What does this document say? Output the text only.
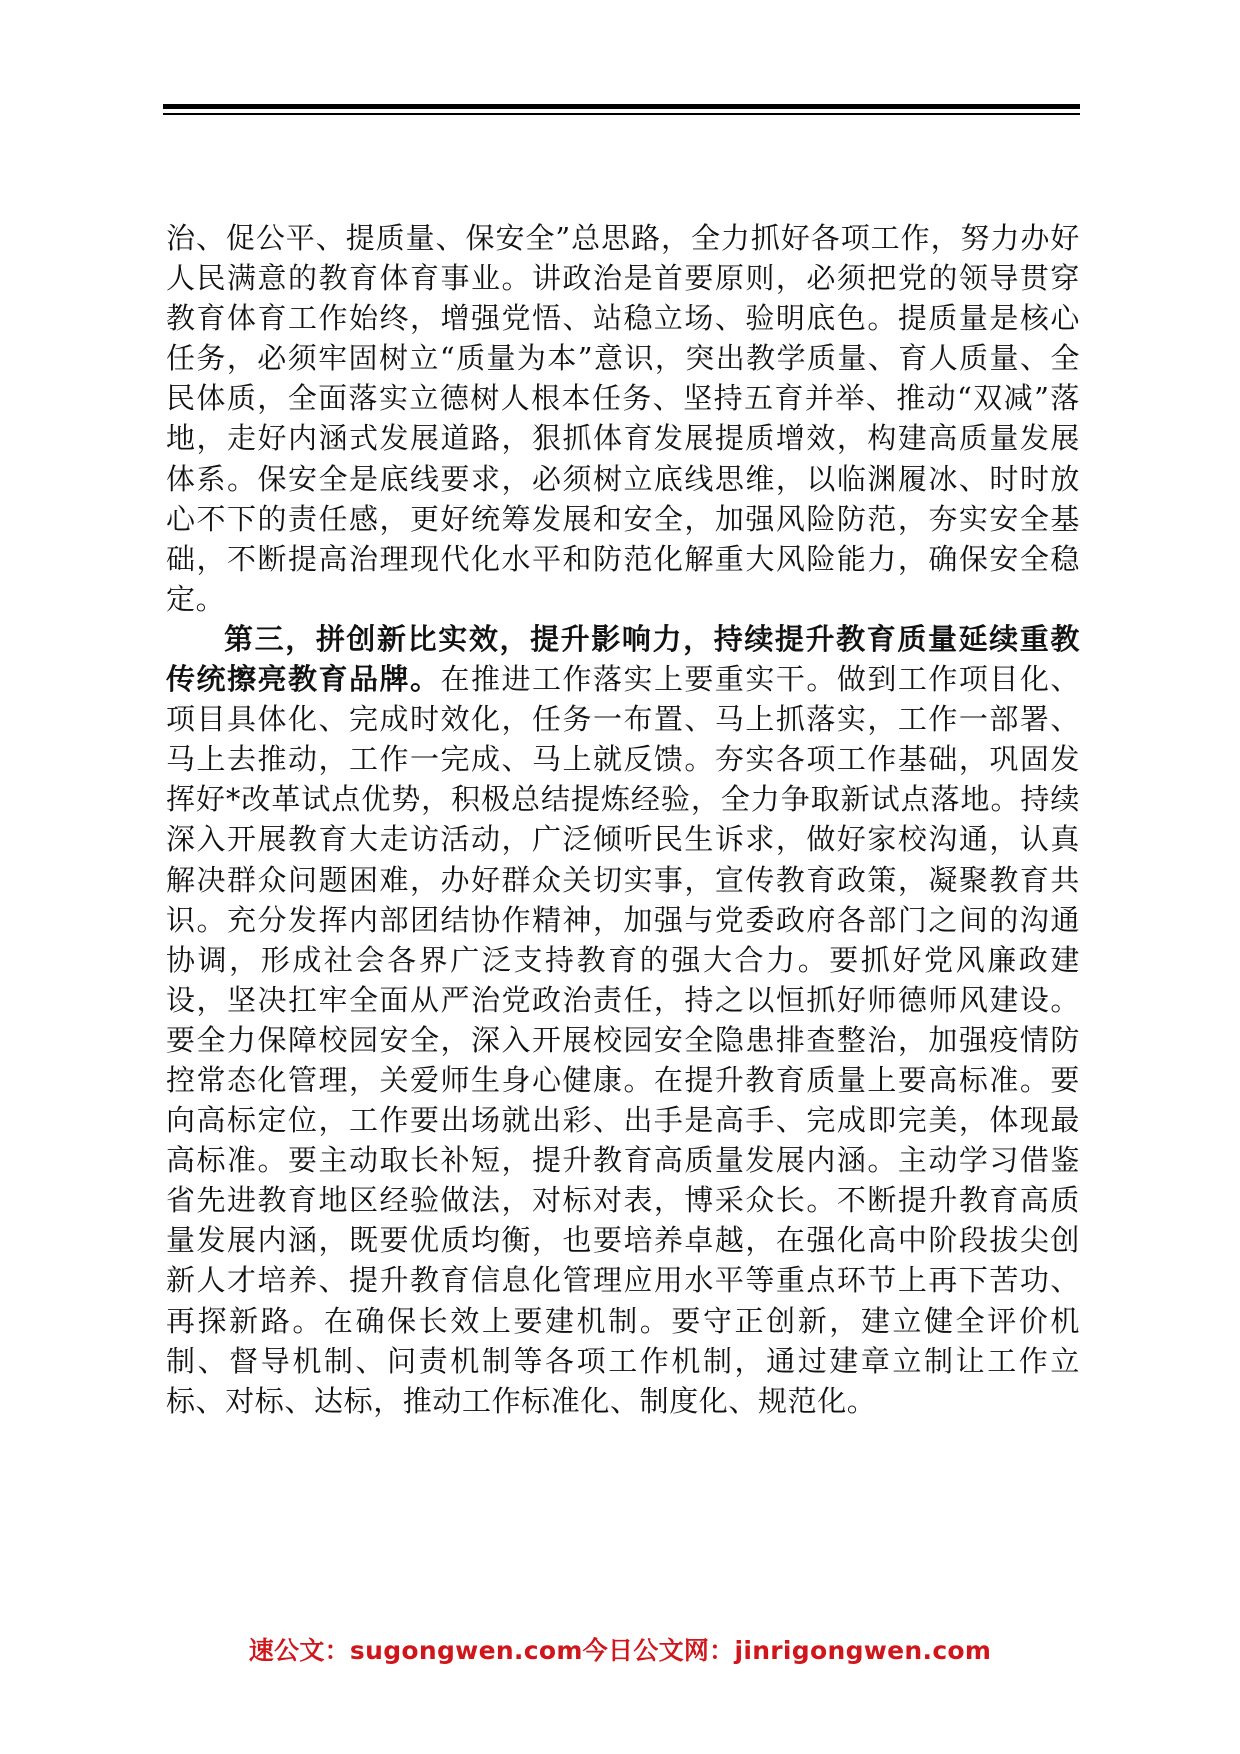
治、促公平、提质量、保安全”总思路，全力抓好各项工作，努力办好人民满意的教育体育事业。讲政治是首要原则，必须把党的领导贯穿教育体育工作始终，增强党悟、站稳立场、验明底色。提质量是核心任务，必须牢固树立“质量为本”意识，突出教学质量、育人质量、全民体质，全面落实立德树人根本任务、坚持五育并举、推动“双减”落地，走好内涵式发展道路，狠抓体育发展提质增效，构建高质量发展体系。保安全是底线要求，必须树立底线思维，以临渊履冰、时时放心不下的责任感，更好统筹发展和安全，加强风险防范，夯实安全基础，不断提高治理现代化水平和防范化解重大风险能力，确保安全稳定。

第三，拼创新比实效，提升影响力，持续提升教育质量延续重教传统擦亮教育品牌。在推进工作落实上要重实干。做到工作项目化、项目具体化、完成时效化，任务一布置、马上抓落实，工作一部署、马上去推动，工作一完成、马上就反馈。夯实各项工作基础，巩固发挥好*改革试点优势，积极总结提炼经验，全力争取新试点落地。持续深入开展教育大走访活动，广泛倾听民生诉求，做好家校沟通，认真解决群众问题困难，办好群众关切实事，宣传教育政策，凝聚教育共识。充分发挥内部团结协作精神，加强与党委政府各部门之间的沟通协调，形成社会各界广泛支持教育的强大合力。要抓好党风廉政建设，坚决扛牢全面从严治党政治责任，持之以恒抓好师德师风建设。要全力保障校园安全，深入开展校园安全隐患排查整治，加强疫情防控常态化管理，关爱师生身心健康。在提升教育质量上要高标准。要向高标定位，工作要出场就出彩、出手是高手、完成即完美，体现最高标准。要主动取长补短，提升教育高质量发展内涵。主动学习借鉴省先进教育地区经验做法，对标对表，博采众长。不断提升教育高质量发展内涵，既要优质均衡，也要培养卓越，在强化高中阶段拔尖创新人才培养、提升教育信息化管理应用水平等重点环节上再下苦功、再探新路。在确保长效上要建机制。要守正创新，建立健全评价机制、督导机制、问责机制等各项工作机制，通过建章立制让工作立标、对标、达标，推动工作标准化、制度化、规范化。

速公文：sugongwen.com今日公文网：jinrigongwen.com
